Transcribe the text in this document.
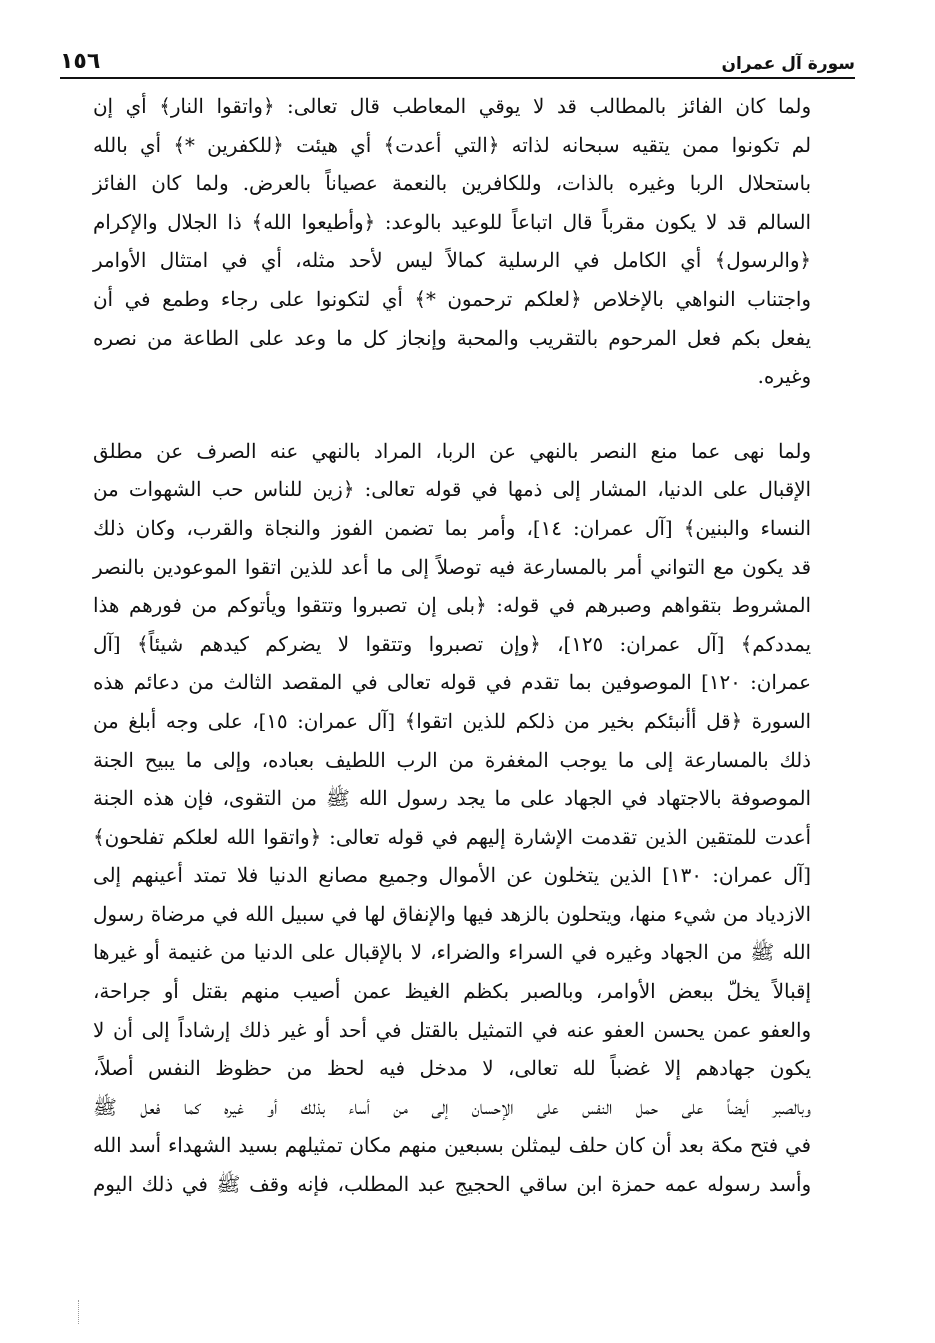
سورة آل عمران
١٥٦

ولما كان الفائز بالمطالب قد لا يوقي المعاطب قال تعالى: ﴿واتقوا النار﴾ أي إن
لم تكونوا ممن يتقيه سبحانه لذاته ﴿التي أعدت﴾ أي هيئت ﴿للكفرين *﴾ أي بالله
باستحلال الربا وغيره بالذات، وللكافرين بالنعمة عصياناً بالعرض. ولما كان الفائز
السالم قد لا يكون مقرباً قال اتباعاً للوعيد بالوعد: ﴿وأطيعوا الله﴾ ذا الجلال والإكرام
﴿والرسول﴾ أي الكامل في الرسلية كمالاً ليس لأحد مثله، أي في امتثال الأوامر
واجتناب النواهي بالإخلاص ﴿لعلكم ترحمون *﴾ أي لتكونوا على رجاء وطمع في أن
يفعل بكم فعل المرحوم بالتقريب والمحبة وإنجاز كل ما وعد على الطاعة من نصره
وغيره.

ولما نهى عما منع النصر بالنهي عن الربا، المراد بالنهي عنه الصرف عن مطلق
الإقبال على الدنيا، المشار إلى ذمها في قوله تعالى: ﴿زين للناس حب الشهوات من
النساء والبنين﴾ [آل عمران: ١٤]، وأمر بما تضمن الفوز والنجاة والقرب، وكان ذلك
قد يكون مع التواني أمر بالمسارعة فيه توصلاً إلى ما أعد للذين اتقوا الموعودين بالنصر
المشروط بتقواهم وصبرهم في قوله: ﴿بلى إن تصبروا وتتقوا ويأتوكم من فورهم هذا
يمددكم﴾ [آل عمران: ١٢٥]، ﴿وإن تصبروا وتتقوا لا يضركم كيدهم شيئاً﴾ [آل
عمران: ١٢٠] الموصوفين بما تقدم في قوله تعالى في المقصد الثالث من دعائم هذه
السورة ﴿قل أأنبئكم بخير من ذلكم للذين اتقوا﴾ [آل عمران: ١٥]، على وجه أبلغ من
ذلك بالمسارعة إلى ما يوجب المغفرة من الرب اللطيف بعباده، وإلى ما يبيح الجنة
الموصوفة بالاجتهاد في الجهاد على ما يجد رسول الله ﷺ من التقوى، فإن هذه الجنة
أعدت للمتقين الذين تقدمت الإشارة إليهم في قوله تعالى: ﴿واتقوا الله لعلكم تفلحون﴾
[آل عمران: ١٣٠] الذين يتخلون عن الأموال وجميع مصانع الدنيا فلا تمتد أعينهم إلى
الازدياد من شيء منها، ويتحلون بالزهد فيها والإنفاق لها في سبيل الله في مرضاة رسول
الله ﷺ من الجهاد وغيره في السراء والضراء، لا بالإقبال على الدنيا من غنيمة أو غيرها
إقبالاً يخلّ ببعض الأوامر، وبالصبر بكظم الغيظ عمن أصيب منهم بقتل أو جراحة،
والعفو عمن يحسن العفو عنه في التمثيل بالقتل في أحد أو غير ذلك إرشاداً إلى أن لا
يكون جهادهم إلا غضباً لله تعالى، لا مدخل فيه لحظ من حظوظ النفس أصلاً،
وبالصبر أيضاً على حمل النفس على الإحسان إلى من أساء بذلك أو غيره كما فعل ﷺ
في فتح مكة بعد أن كان حلف ليمثلن بسبعين منهم مكان تمثيلهم بسيد الشهداء أسد الله
وأسد رسوله عمه حمزة ابن ساقي الحجيج عبد المطلب، فإنه وقف ﷺ في ذلك اليوم
